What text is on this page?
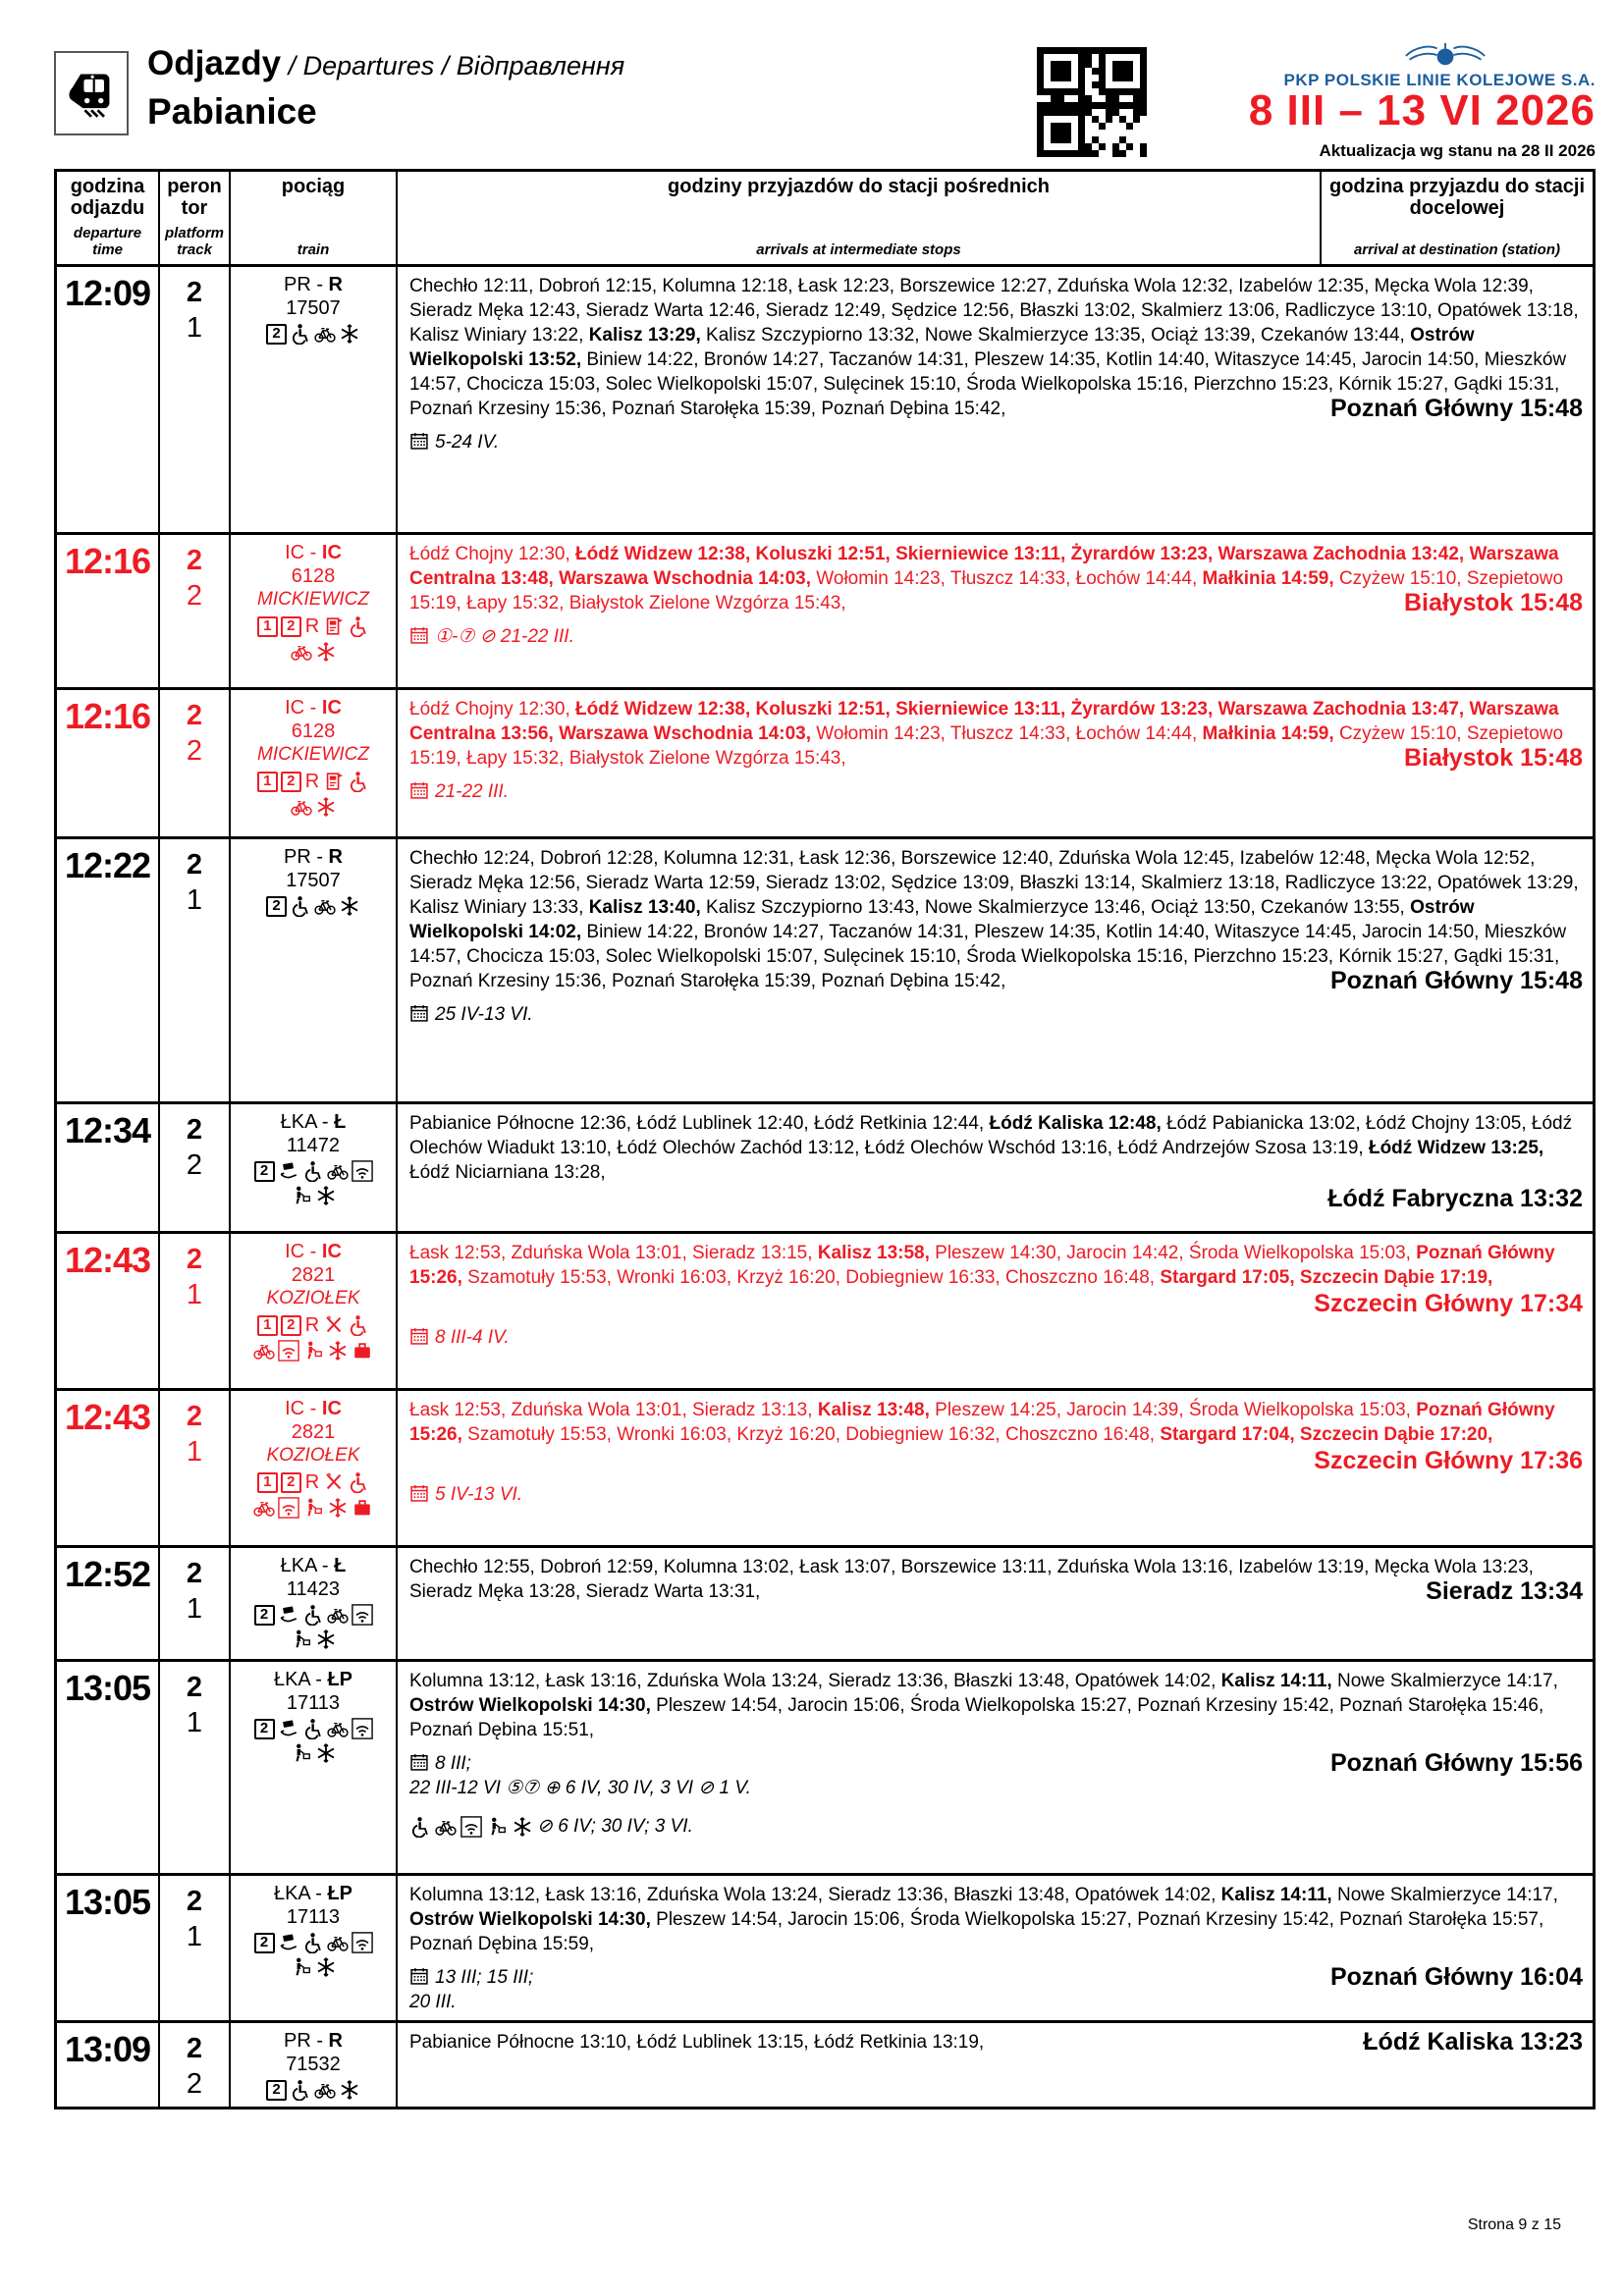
Odjazdy / Departures / Відправлення
Pabianice
PKP POLSKIE LINIE KOLEJOWE S.A.
8 III – 13 VI 2026
Aktualizacja wg stanu na 28 II 2026
godzina odjazdu
departure time
peron tor
platform track
pociąg
train
godziny przyjazdów do stacji pośrednich
arrivals at intermediate stops
godzina przyjazdu do stacji docelowej
arrival at destination (station)
12:09	2
1
PR - R
17507
2
Chechło 12:11, Dobroń 12:15, Kolumna 12:18, Łask 12:23, Borszewice 12:27, Zduńska Wola 12:32, Izabelów 12:35, Męcka Wola 12:39, Sieradz Męka 12:43, Sieradz Warta 12:46, Sieradz 12:49, Sędzice 12:56, Błaszki 13:02, Skalmierz 13:06, Radliczyce 13:10, Opatówek 13:18, Kalisz Winiary 13:22, Kalisz 13:29, Kalisz Szczypiorno 13:32, Nowe Skalmierzyce 13:35, Ociąż 13:39, Czekanów 13:44, Ostrów Wielkopolski 13:52, Biniew 14:22, Bronów 14:27, Taczanów 14:31, Pleszew 14:35, Kotlin 14:40, Witaszyce 14:45, Jarocin 14:50, Mieszków 14:57, Chocicza 15:03, Solec Wielkopolski 15:07, Sulęcinek 15:10, Środa Wielkopolska 15:16, Pierzchno 15:23, Kórnik 15:27, Gądki 15:31, Poznań Krzesiny 15:36, Poznań Starołęka 15:39, Poznań Dębina 15:42,	Poznań Główny 15:48
5-24 IV.
12:16	2
2
IC - IC
6128
MICKIEWICZ
1	2 R
Łódź Chojny 12:30, Łódź Widzew 12:38, Koluszki 12:51, Skierniewice 13:11, Żyrardów 13:23, Warszawa Zachodnia 13:42, Warszawa Centralna 13:48, Warszawa Wschodnia 14:03, Wołomin 14:23, Tłuszcz 14:33, Łochów 14:44, Małkinia 14:59, Czyżew 15:10, Szepietowo 15:19, Łapy 15:32, Białystok Zielone Wzgórza 15:43,	Białystok 15:48
①-⑦ ⊘ 21-22 III.
12:16	2
2
IC - IC
6128
MICKIEWICZ
1	2 R
Łódź Chojny 12:30, Łódź Widzew 12:38, Koluszki 12:51, Skierniewice 13:11, Żyrardów 13:23, Warszawa Zachodnia 13:47, Warszawa Centralna 13:56, Warszawa Wschodnia 14:03, Wołomin 14:23, Tłuszcz 14:33, Łochów 14:44, Małkinia 14:59, Czyżew 15:10, Szepietowo 15:19, Łapy 15:32, Białystok Zielone Wzgórza 15:43,	Białystok 15:48
21-22 III.
12:22	2
1
PR - R
17507
2
Chechło 12:24, Dobroń 12:28, Kolumna 12:31, Łask 12:36, Borszewice 12:40, Zduńska Wola 12:45, Izabelów 12:48, Męcka Wola 12:52, Sieradz Męka 12:56, Sieradz Warta 12:59, Sieradz 13:02, Sędzice 13:09, Błaszki 13:14, Skalmierz 13:18, Radliczyce 13:22, Opatówek 13:29, Kalisz Winiary 13:33, Kalisz 13:40, Kalisz Szczypiorno 13:43, Nowe Skalmierzyce 13:46, Ociąż 13:50, Czekanów 13:55, Ostrów Wielkopolski 14:02, Biniew 14:22, Bronów 14:27, Taczanów 14:31, Pleszew 14:35, Kotlin 14:40, Witaszyce 14:45, Jarocin 14:50, Mieszków 14:57, Chocicza 15:03, Solec Wielkopolski 15:07, Sulęcinek 15:10, Środa Wielkopolska 15:16, Pierzchno 15:23, Kórnik 15:27, Gądki 15:31, Poznań Krzesiny 15:36, Poznań Starołęka 15:39, Poznań Dębina 15:42,	Poznań Główny 15:48
25 IV-13 VI.
12:34	2
2
ŁKA - Ł
11472
2
Pabianice Północne 12:36, Łódź Lublinek 12:40, Łódź Retkinia 12:44, Łódź Kaliska 12:48, Łódź Pabianicka 13:02, Łódź Chojny 13:05, Łódź Olechów Wiadukt 13:10, Łódź Olechów Zachód 13:12, Łódź Olechów Wschód 13:16, Łódź Andrzejów Szosa 13:19, Łódź Widzew 13:25, Łódź Niciarniana 13:28,
Łódź Fabryczna 13:32
12:43	2
1
IC - IC
2821
KOZIOŁEK
1	2 R
Łask 12:53, Zduńska Wola 13:01, Sieradz 13:15, Kalisz 13:58, Pleszew 14:30, Jarocin 14:42, Środa Wielkopolska 15:03, Poznań Główny 15:26, Szamotuły 15:53, Wronki 16:03, Krzyż 16:20, Dobiegniew 16:33, Choszczno 16:48, Stargard 17:05, Szczecin Dąbie 17:19,
Szczecin Główny 17:34
8 III-4 IV.
12:43	2
1
IC - IC
2821
KOZIOŁEK
1	2 R
Łask 12:53, Zduńska Wola 13:01, Sieradz 13:13, Kalisz 13:48, Pleszew 14:25, Jarocin 14:39, Środa Wielkopolska 15:03, Poznań Główny 15:26, Szamotuły 15:53, Wronki 16:03, Krzyż 16:20, Dobiegniew 16:32, Choszczno 16:48, Stargard 17:04, Szczecin Dąbie 17:20,
Szczecin Główny 17:36
5 IV-13 VI.
12:52	2
1
ŁKA - Ł
11423
2
Chechło 12:55, Dobroń 12:59, Kolumna 13:02, Łask 13:07, Borszewice 13:11, Zduńska Wola 13:16, Izabelów 13:19, Męcka Wola 13:23, Sieradz Męka 13:28, Sieradz Warta 13:31,	Sieradz 13:34
13:05	2
1
ŁKA - ŁP
17113
2
Kolumna 13:12, Łask 13:16, Zduńska Wola 13:24, Sieradz 13:36, Błaszki 13:48, Opatówek 14:02, Kalisz 14:11, Nowe Skalmierzyce 14:17, Ostrów Wielkopolski 14:30, Pleszew 14:54, Jarocin 15:06, Środa Wielkopolska 15:27, Poznań Krzesiny 15:42, Poznań Starołęka 15:46, Poznań Dębina 15:51,
Poznań Główny 15:56
8 III;
22 III-12 VI ⑤⑦ ⊕ 6 IV, 30 IV, 3 VI ⊘ 1 V.
⊘ 6 IV; 30 IV; 3 VI.
13:05	2
1
ŁKA - ŁP
17113
2
Kolumna 13:12, Łask 13:16, Zduńska Wola 13:24, Sieradz 13:36, Błaszki 13:48, Opatówek 14:02, Kalisz 14:11, Nowe Skalmierzyce 14:17, Ostrów Wielkopolski 14:30, Pleszew 14:54, Jarocin 15:06, Środa Wielkopolska 15:27, Poznań Krzesiny 15:42, Poznań Starołęka 15:57, Poznań Dębina 15:59,
Poznań Główny 16:04
13 III; 15 III;
20 III.
13:09	2
2
PR - R
71532
2
Pabianice Północne 13:10, Łódź Lublinek 13:15, Łódź Retkinia 13:19,	Łódź Kaliska 13:23
Strona 9 z 15
